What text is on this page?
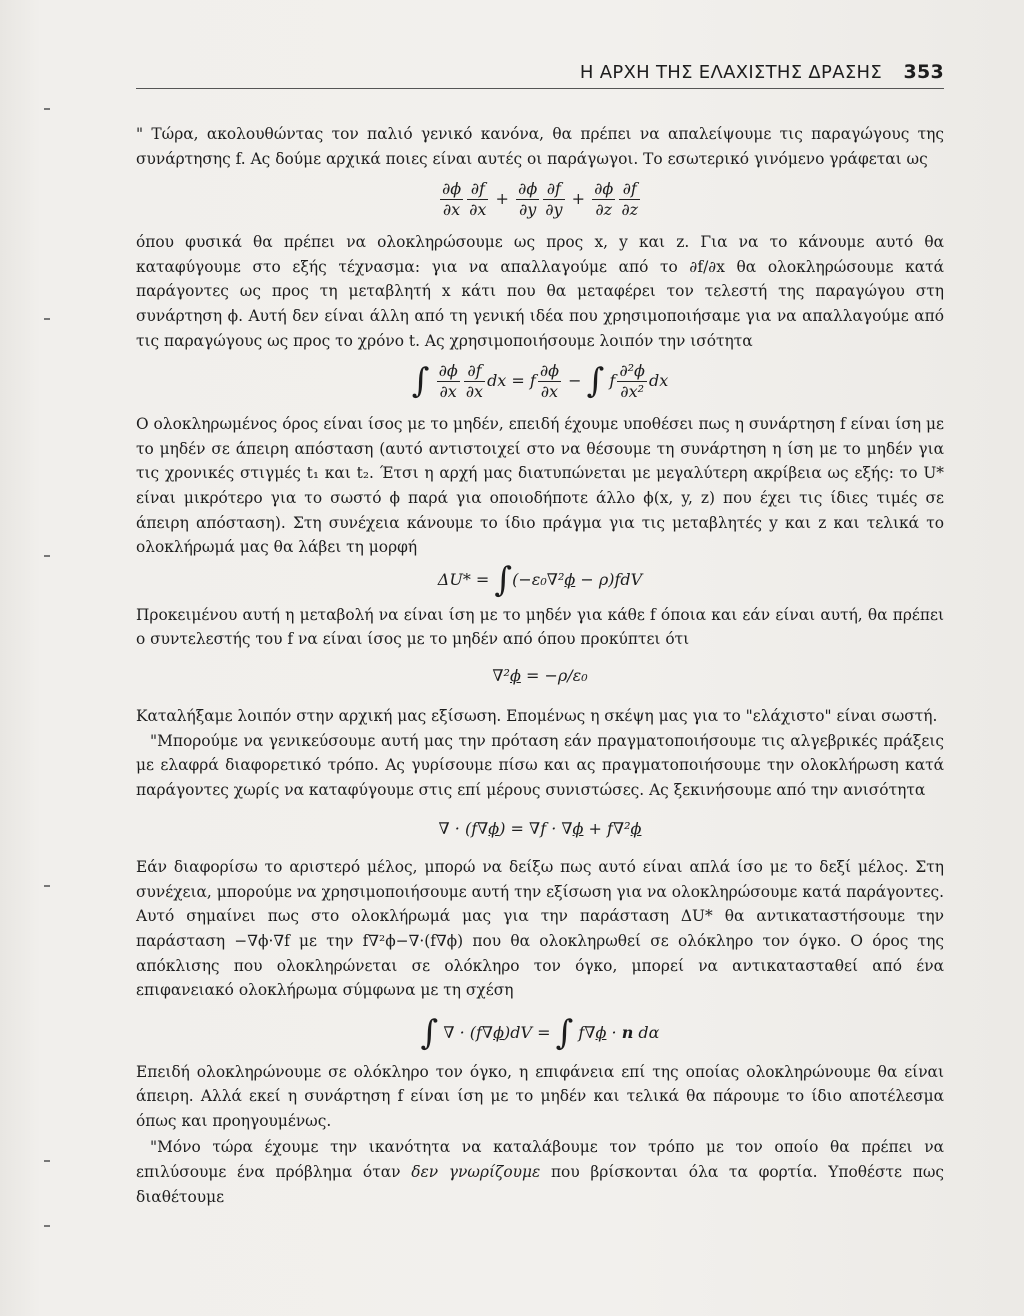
Η ΑΡΧΗ ΤΗΣ ΕΛΑΧΙΣΤΗΣ ΔΡΑΣΗΣ 353

" Τώρα, ακολουθώντας τον παλιό γενικό κανόνα, θα πρέπει να απαλείψουμε τις παραγώγους της συνάρτησης f. Ας δούμε αρχικά ποιες είναι αυτές οι παράγωγοι. Το εσωτερικό γινόμενο γράφεται ως

$\frac{\partial\phi}{\partial x} \frac{\partial f}{\partial x} + \frac{\partial\phi}{\partial y} \frac{\partial f}{\partial y} + \frac{\partial\phi}{\partial z} \frac{\partial f}{\partial z}$

όπου φυσικά θα πρέπει να ολοκληρώσουμε ως προς x, y και z. Για να το κάνουμε αυτό θα καταφύγουμε στο εξής τέχνασμα: για να απαλλαγούμε από το ∂f/∂x θα ολοκληρώσουμε κατά παράγοντες ως προς τη μεταβλητή x κάτι που θα μεταφέρει τον τελεστή της παραγώγου στη συνάρτηση ϕ. Αυτή δεν είναι άλλη από τη γενική ιδέα που χρησιμοποιήσαμε για να απαλλαγούμε από τις παραγώγους ως προς το χρόνο t. Ας χρησιμοποιήσουμε λοιπόν την ισότητα

∫ $\frac{\partial\phi}{\partial x} \frac{\partial f}{\partial x}$ dx = f $\frac{\partial\phi}{\partial x}$ − ∫ f $\frac{\text{∂²ϕ}}{\text{∂x²}}$ dx

Ο ολοκληρωμένος όρος είναι ίσος με το μηδέν, επειδή έχουμε υποθέσει πως η συνάρτηση f είναι ίση με το μηδέν σε άπειρη απόσταση (αυτό αντιστοιχεί στο να θέσουμε τη συνάρτηση η ίση με το μηδέν για τις χρονικές στιγμές t₁ και t₂. Έτσι η αρχή μας διατυπώνεται με μεγαλύτερη ακρίβεια ως εξής: το U* είναι μικρότερο για το σωστό ϕ παρά για οποιοδήποτε άλλο ϕ(x, y, z) που έχει τις ίδιες τιμές σε άπειρη απόσταση). Στη συνέχεια κάνουμε το ίδιο πράγμα για τις μεταβλητές y και z και τελικά το ολοκλήρωμά μας θα λάβει τη μορφή

ΔU* = ∫(−ε₀∇²ϕ − ρ)fdV

Προκειμένου αυτή η μεταβολή να είναι ίση με το μηδέν για κάθε f όποια και εάν είναι αυτή, θα πρέπει ο συντελεστής του f να είναι ίσος με το μηδέν από όπου προκύπτει ότι

∇²ϕ = −ρ/ε₀

Καταλήξαμε λοιπόν στην αρχική μας εξίσωση. Επομένως η σκέψη μας για το "ελάχιστο" είναι σωστή.

"Μπορούμε να γενικεύσουμε αυτή μας την πρόταση εάν πραγματοποιήσουμε τις αλγεβρικές πράξεις με ελαφρά διαφορετικό τρόπο. Ας γυρίσουμε πίσω και ας πραγματοποιήσουμε την ολοκλήρωση κατά παράγοντες χωρίς να καταφύγουμε στις επί μέρους συνιστώσες. Ας ξεκινήσουμε από την ανισότητα

∇ · (f∇ϕ) = ∇f · ∇ϕ + f∇²ϕ

Εάν διαφορίσω το αριστερό μέλος, μπορώ να δείξω πως αυτό είναι απλά ίσο με το δεξί μέλος. Στη συνέχεια, μπορούμε να χρησιμοποιήσουμε αυτή την εξίσωση για να ολοκληρώσουμε κατά παράγοντες. Αυτό σημαίνει πως στο ολοκλήρωμά μας για την παράσταση ΔU* θα αντικαταστήσουμε την παράσταση −∇ϕ·∇f με την f∇²ϕ−∇·(f∇ϕ) που θα ολοκληρωθεί σε ολόκληρο τον όγκο. Ο όρος της απόκλισης που ολοκληρώνεται σε ολόκληρο τον όγκο, μπορεί να αντικατασταθεί από ένα επιφανειακό ολοκλήρωμα σύμφωνα με τη σχέση

∫ ∇ · (f∇ϕ)dV = ∫ f∇ϕ · n dα

Επειδή ολοκληρώνουμε σε ολόκληρο τον όγκο, η επιφάνεια επί της οποίας ολοκληρώνουμε θα είναι άπειρη. Αλλά εκεί η συνάρτηση f είναι ίση με το μηδέν και τελικά θα πάρουμε το ίδιο αποτέλεσμα όπως και προηγουμένως.

"Μόνο τώρα έχουμε την ικανότητα να καταλάβουμε τον τρόπο με τον οποίο θα πρέπει να επιλύσουμε ένα πρόβλημα όταν δεν γνωρίζουμε που βρίσκονται όλα τα φορτία. Υποθέστε πως διαθέτουμε
